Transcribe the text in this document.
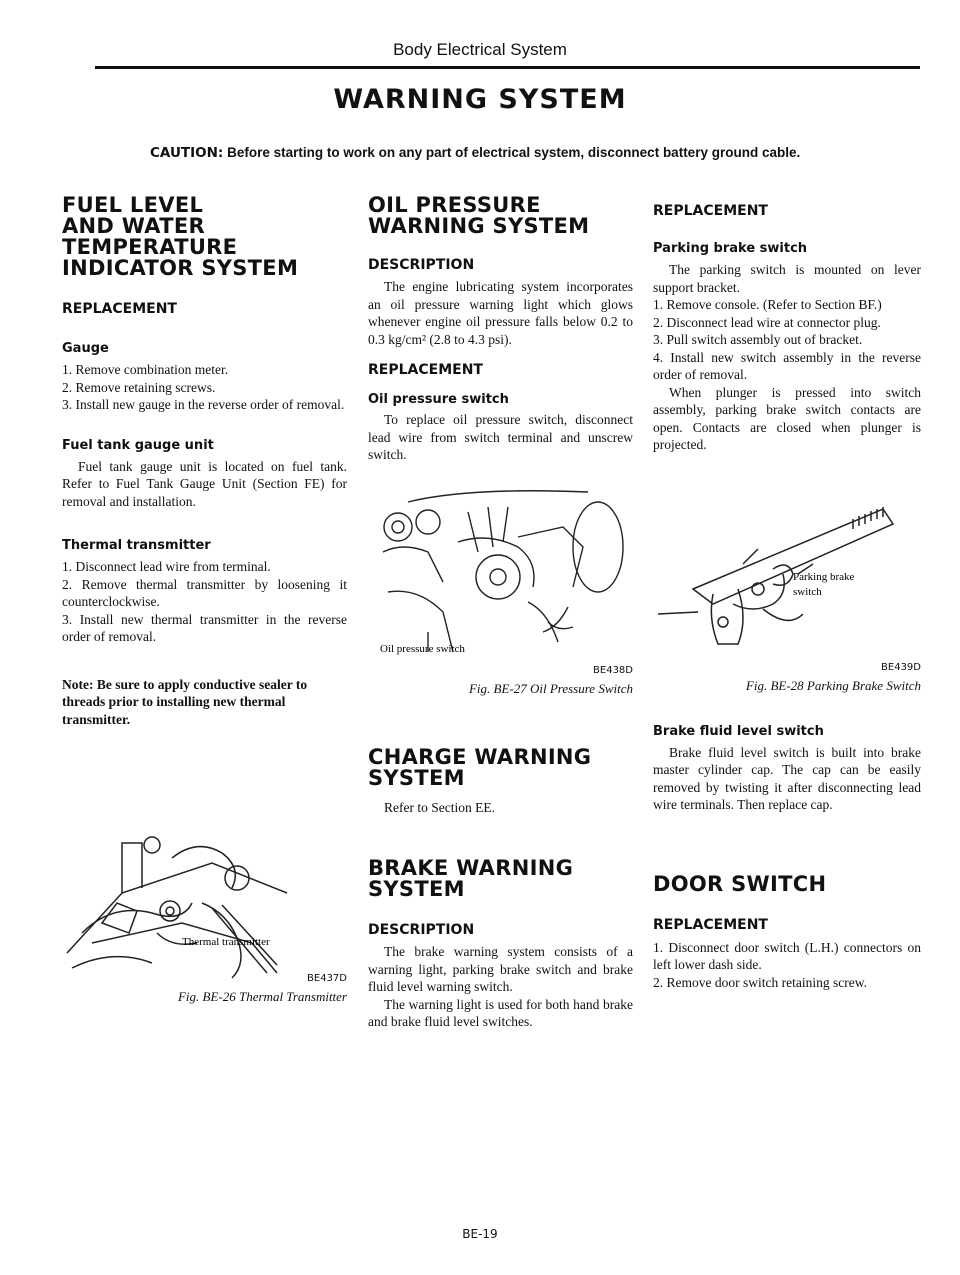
Body Electrical System
WARNING SYSTEM
CAUTION: Before starting to work on any part of electrical system, disconnect battery ground cable.
FUEL LEVEL
AND WATER
TEMPERATURE
INDICATOR SYSTEM
REPLACEMENT
Gauge
1. Remove combination meter.
2. Remove retaining screws.
3. Install new gauge in the reverse order of removal.
Fuel tank gauge unit

Fuel tank gauge unit is located on fuel tank. Refer to Fuel Tank Gauge Unit (Section FE) for removal and installation.

Thermal transmitter
1. Disconnect lead wire from terminal.
2. Remove thermal transmitter by loosening it counterclockwise.
3. Install new thermal transmitter in the reverse order of removal.
Note: Be sure to apply conductive sealer to threads prior to installing new thermal transmitter.
Thermal transmitter
BE437D
Fig. BE-26 Thermal Transmitter
OIL PRESSURE
WARNING SYSTEM
DESCRIPTION

The engine lubricating system incorporates an oil pressure warning light which glows whenever engine oil pressure falls below 0.2 to 0.3 kg/cm² (2.8 to 4.3 psi).

REPLACEMENT
Oil pressure switch

To replace oil pressure switch, disconnect lead wire from switch terminal and unscrew switch.

Oil pressure switch
BE438D
Fig. BE-27 Oil Pressure Switch
CHARGE WARNING
SYSTEM

Refer to Section EE.

BRAKE WARNING
SYSTEM
DESCRIPTION

The brake warning system consists of a warning light, parking brake switch and brake fluid level warning switch.

The warning light is used for both hand brake and brake fluid level switches.

REPLACEMENT
Parking brake switch

The parking switch is mounted on lever support bracket.

1. Remove console. (Refer to Section BF.)
2. Disconnect lead wire at connector plug.
3. Pull switch assembly out of bracket.
4. Install new switch assembly in the reverse order of removal.

When plunger is pressed into switch assembly, parking brake switch contacts are open. Contacts are closed when plunger is projected.

Parking brake
switch
BE439D
Fig. BE-28 Parking Brake Switch
Brake fluid level switch

Brake fluid level switch is built into brake master cylinder cap. The cap can be easily removed by twisting it after disconnecting lead wire terminals. Then replace cap.

DOOR SWITCH
REPLACEMENT
1. Disconnect door switch (L.H.) connectors on left lower dash side.
2. Remove door switch retaining screw.
BE-19
